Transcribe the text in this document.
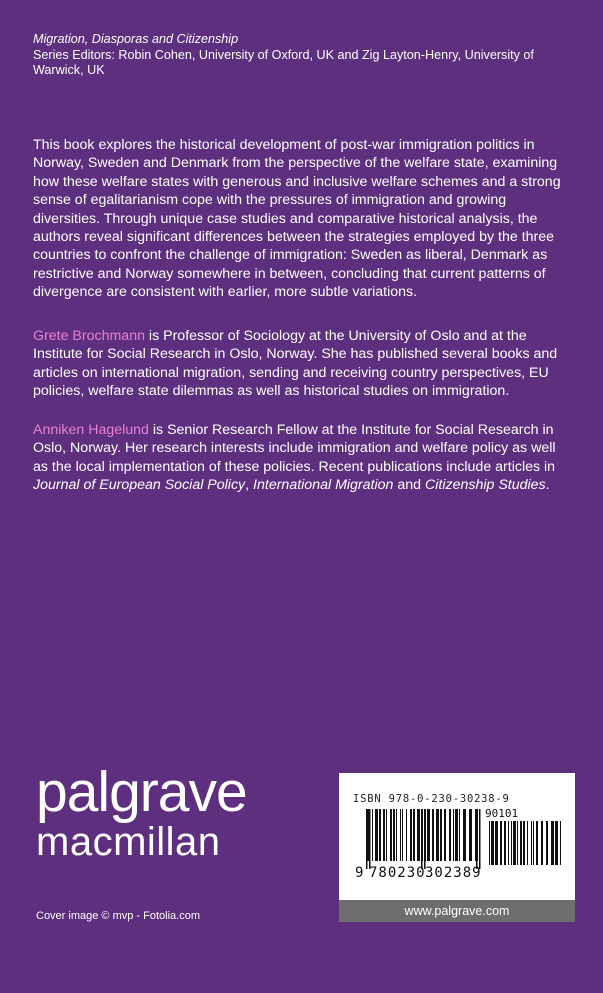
Migration, Diasporas and Citizenship
Series Editors: Robin Cohen, University of Oxford, UK and Zig Layton-Henry, University of Warwick, UK

This book explores the historical development of post-war immigration politics in Norway, Sweden and Denmark from the perspective of the welfare state, examining how these welfare states with generous and inclusive welfare schemes and a strong sense of egalitarianism cope with the pressures of immigration and growing diversities. Through unique case studies and comparative historical analysis, the authors reveal significant differences between the strategies employed by the three countries to confront the challenge of immigration: Sweden as liberal, Denmark as restrictive and Norway somewhere in between, concluding that current patterns of divergence are consistent with earlier, more subtle variations.

Grete Brochmann is Professor of Sociology at the University of Oslo and at the Institute for Social Research in Oslo, Norway. She has published several books and articles on international migration, sending and receiving country perspectives, EU policies, welfare state dilemmas as well as historical studies on immigration.

Anniken Hagelund is Senior Research Fellow at the Institute for Social Research in Oslo, Norway. Her research interests include immigration and welfare policy as well as the local implementation of these policies. Recent publications include articles in Journal of European Social Policy, International Migration and Citizenship Studies.

palgrave
macmillan
Cover image © mvp - Fotolia.com
ISBN 978-0-230-30238-9
90101
9 780230 302389
www.palgrave.com
